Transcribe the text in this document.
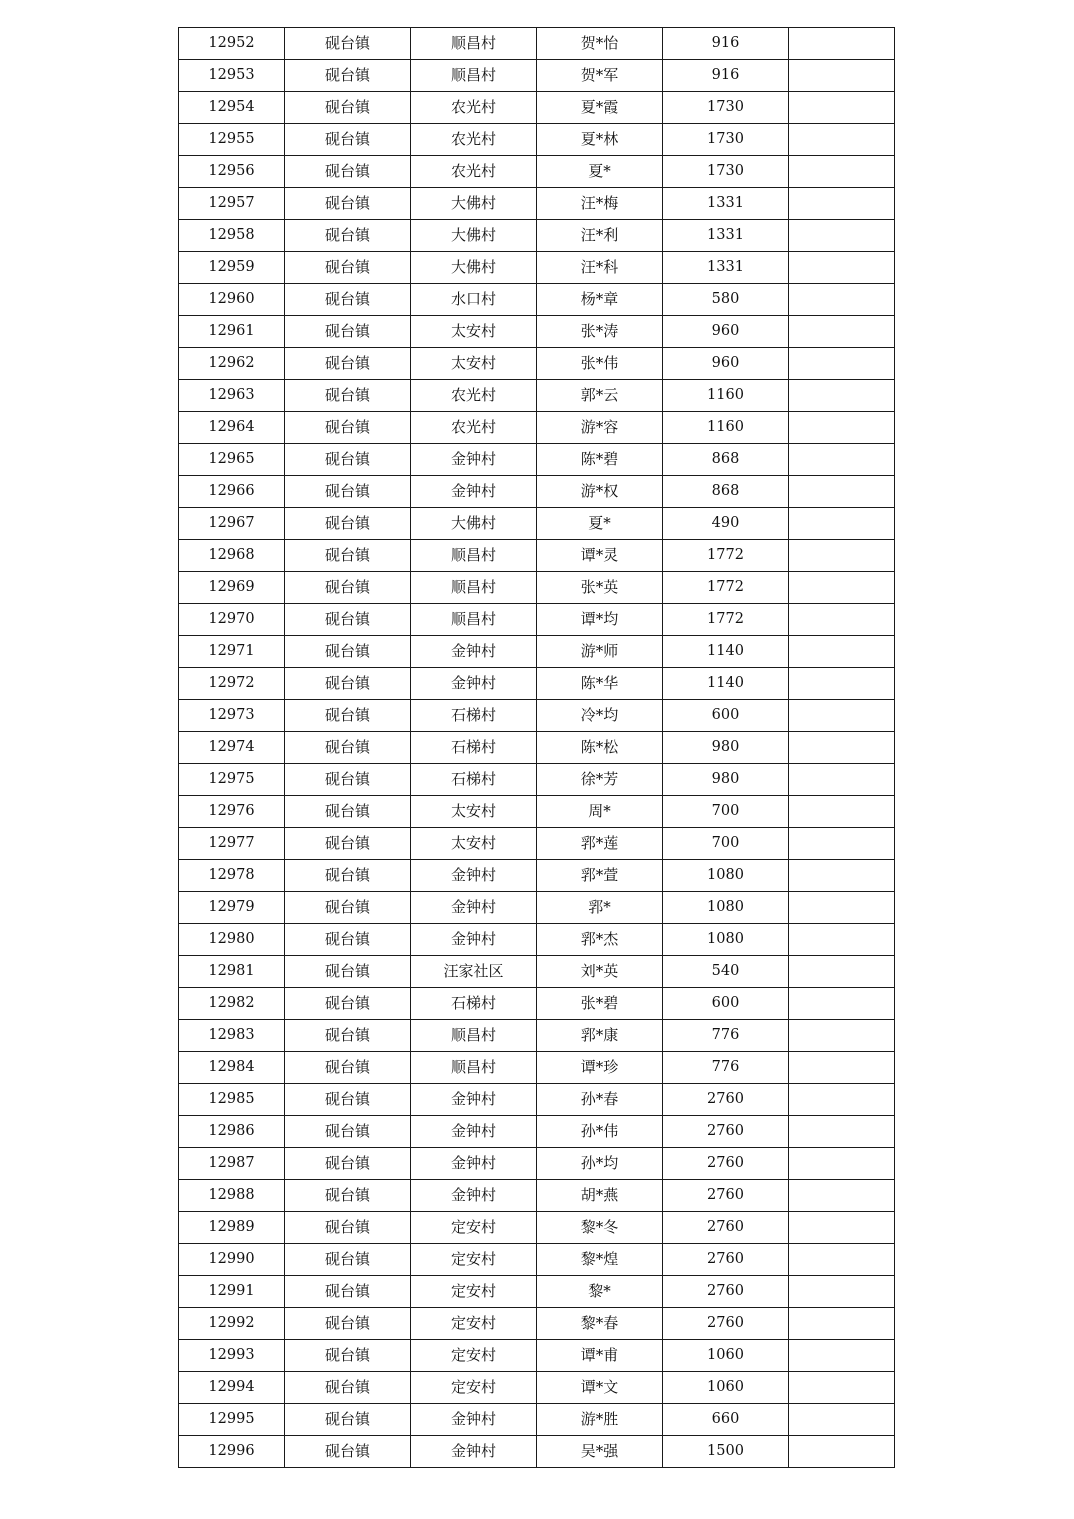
12952	砚台镇	顺昌村	贺*怡	916	
12953	砚台镇	顺昌村	贺*军	916	
12954	砚台镇	农光村	夏*霞	1730	
12955	砚台镇	农光村	夏*林	1730	
12956	砚台镇	农光村	夏*	1730	
12957	砚台镇	大佛村	汪*梅	1331	
12958	砚台镇	大佛村	汪*利	1331	
12959	砚台镇	大佛村	汪*科	1331	
12960	砚台镇	水口村	杨*章	580	
12961	砚台镇	太安村	张*涛	960	
12962	砚台镇	太安村	张*伟	960	
12963	砚台镇	农光村	郭*云	1160	
12964	砚台镇	农光村	游*容	1160	
12965	砚台镇	金钟村	陈*碧	868	
12966	砚台镇	金钟村	游*权	868	
12967	砚台镇	大佛村	夏*	490	
12968	砚台镇	顺昌村	谭*灵	1772	
12969	砚台镇	顺昌村	张*英	1772	
12970	砚台镇	顺昌村	谭*均	1772	
12971	砚台镇	金钟村	游*师	1140	
12972	砚台镇	金钟村	陈*华	1140	
12973	砚台镇	石梯村	冷*均	600	
12974	砚台镇	石梯村	陈*松	980	
12975	砚台镇	石梯村	徐*芳	980	
12976	砚台镇	太安村	周*	700	
12977	砚台镇	太安村	郛*莲	700	
12978	砚台镇	金钟村	郛*萱	1080	
12979	砚台镇	金钟村	郛*	1080	
12980	砚台镇	金钟村	郛*杰	1080	
12981	砚台镇	汪家社区	刘*英	540	
12982	砚台镇	石梯村	张*碧	600	
12983	砚台镇	顺昌村	郛*康	776	
12984	砚台镇	顺昌村	谭*珍	776	
12985	砚台镇	金钟村	孙*春	2760	
12986	砚台镇	金钟村	孙*伟	2760	
12987	砚台镇	金钟村	孙*均	2760	
12988	砚台镇	金钟村	胡*燕	2760	
12989	砚台镇	定安村	黎*冬	2760	
12990	砚台镇	定安村	黎*煌	2760	
12991	砚台镇	定安村	黎*	2760	
12992	砚台镇	定安村	黎*春	2760	
12993	砚台镇	定安村	谭*甫	1060	
12994	砚台镇	定安村	谭*文	1060	
12995	砚台镇	金钟村	游*胜	660	
12996	砚台镇	金钟村	吴*强	1500	
